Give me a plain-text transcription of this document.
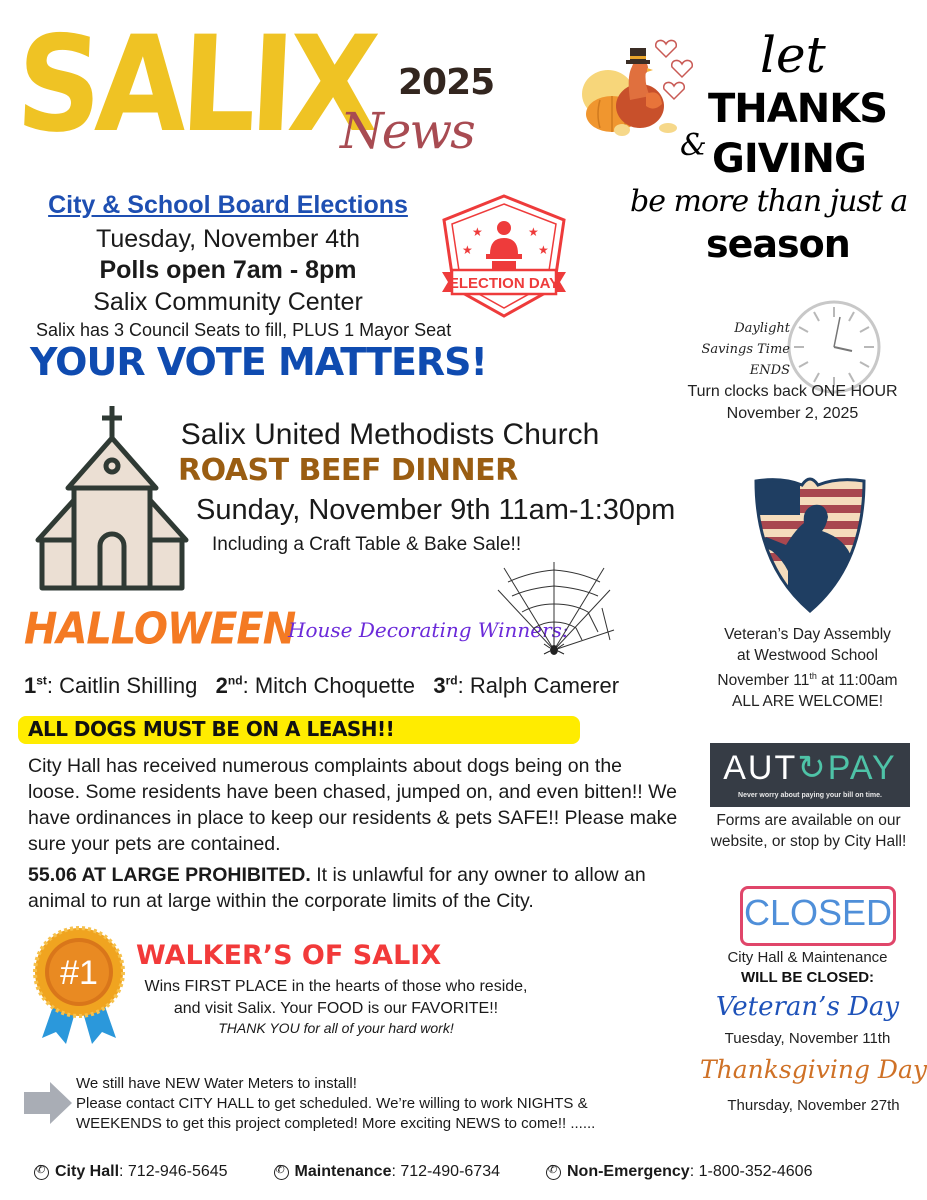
SALIX 2025
News
let
THANKS
& GIVING
be more than just a
season
City & School Board Elections
Tuesday, November 4th
Polls open 7am - 8pm
Salix Community Center
Salix has 3 Council Seats to fill, PLUS 1 Mayor Seat
YOUR VOTE MATTERS!
★	★
★	★
ELECTION DAY
Daylight
Savings Time
ENDS
Turn clocks back ONE HOUR
November 2, 2025
Salix United Methodists Church
ROAST BEEF DINNER
Sunday, November 9th 11am-1:30pm
Including a Craft Table & Bake Sale!!
HALLOWEEN
House Decorating Winners:
1st: Caitlin Shilling 2nd: Mitch Choquette 3rd: Ralph Camerer
Veteran’s Day Assembly
at Westwood School
November 11th at 11:00am
ALL ARE WELCOME!
ALL DOGS MUST BE ON A LEASH!!
City Hall has received numerous complaints about dogs being on the loose. Some residents have been chased, jumped on, and even bitten!! We have ordinances in place to keep our residents & pets SAFE!! Please make sure your pets are contained.
55.06 AT LARGE PROHIBITED. It is unlawful for any owner to allow an animal to run at large within the corporate limits of the City.
AUT↻PAY
Never worry about paying your bill on time.
Forms are available on our website, or stop by City Hall!
#1 WALKER’S OF SALIX
Wins FIRST PLACE in the hearts of those who reside, and visit Salix. Your FOOD is our FAVORITE!!
THANK YOU for all of your hard work!
CLOSED
City Hall & Maintenance
WILL BE CLOSED:
Veteran’s Day
Tuesday, November 11th
Thanksgiving Day
Thursday, November 27th
We still have NEW Water Meters to install!
Please contact CITY HALL to get scheduled. We’re willing to work NIGHTS & WEEKENDS to get this project completed! More exciting NEWS to come!! ......
✆
City Hall: 712-946-5645 ✆	Maintenance: 712-490-6734 ✆	Non-Emergency: 1-800-352-4606
